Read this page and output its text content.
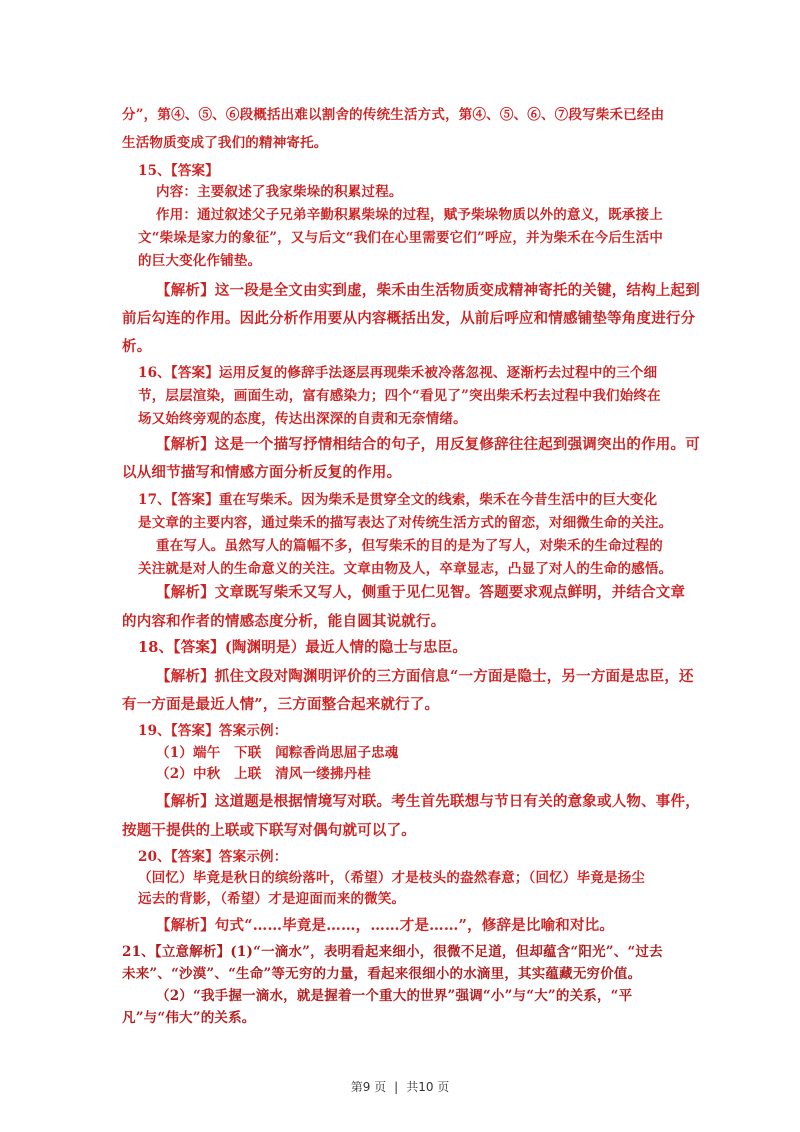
分”，第④、⑤、⑥段概括出难以割舍的传统生活方式，第④、⑤、⑥、⑦段写柴禾已经由
生活物质变成了我们的精神寄托。
15、【答案】
内容：主要叙述了我家柴垛的积累过程。
作用：通过叙述父子兄弟辛勤积累柴垛的过程，赋予柴垛物质以外的意义，既承接上
文“柴垛是家力的象征”，又与后文“我们在心里需要它们”呼应，并为柴禾在今后生活中
的巨大变化作铺垫。
【解析】这一段是全文由实到虚，柴禾由生活物质变成精神寄托的关键，结构上起到
前后勾连的作用。因此分析作用要从内容概括出发，从前后呼应和情感铺垫等角度进行分
析。
16、【答案】运用反复的修辞手法逐层再现柴禾被冷落忽视、逐渐朽去过程中的三个细
节，层层渲染，画面生动，富有感染力；四个“看见了”突出柴禾朽去过程中我们始终在
场又始终旁观的态度，传达出深深的自责和无奈情绪。
【解析】这是一个描写抒情相结合的句子，用反复修辞往往起到强调突出的作用。可
以从细节描写和情感方面分析反复的作用。
17、【答案】重在写柴禾。因为柴禾是贯穿全文的线索，柴禾在今昔生活中的巨大变化
是文章的主要内容，通过柴禾的描写表达了对传统生活方式的留恋，对细微生命的关注。
重在写人。虽然写人的篇幅不多，但写柴禾的目的是为了写人，对柴禾的生命过程的
关注就是对人的生命意义的关注。文章由物及人，卒章显志，凸显了对人的生命的感悟。
【解析】文章既写柴禾又写人，侧重于见仁见智。答题要求观点鲜明，并结合文章
的内容和作者的情感态度分析，能自圆其说就行。
18、【答案】(陶渊明是）最近人情的隐士与忠臣。
【解析】抓住文段对陶渊明评价的三方面信息“一方面是隐士，另一方面是忠臣，还
有一方面是最近人情”，三方面整合起来就行了。
19、【答案】答案示例：
（1）端午　下联　闻粽香尚思屈子忠魂
（2）中秋　上联　清风一缕拂丹桂
【解析】这道题是根据情境写对联。考生首先联想与节日有关的意象或人物、事件，
按题干提供的上联或下联写对偶句就可以了。
20、【答案】答案示例：
（回忆）毕竟是秋日的缤纷落叶，（希望）才是枝头的盎然春意；（回忆）毕竟是扬尘
远去的背影，（希望）才是迎面而来的微笑。
【解析】句式“……毕竟是……，……才是……”，修辞是比喻和对比。
21、【立意解析】(1)“一滴水”，表明看起来细小，很微不足道，但却蕴含“阳光”、“过去
未来”、“沙漠”、“生命”等无穷的力量，看起来很细小的水滴里，其实蕴藏无穷价值。
（2）“我手握一滴水，就是握着一个重大的世界”强调“小”与“大”的关系，“平
凡”与“伟大”的关系。
第9 页 | 共10 页
